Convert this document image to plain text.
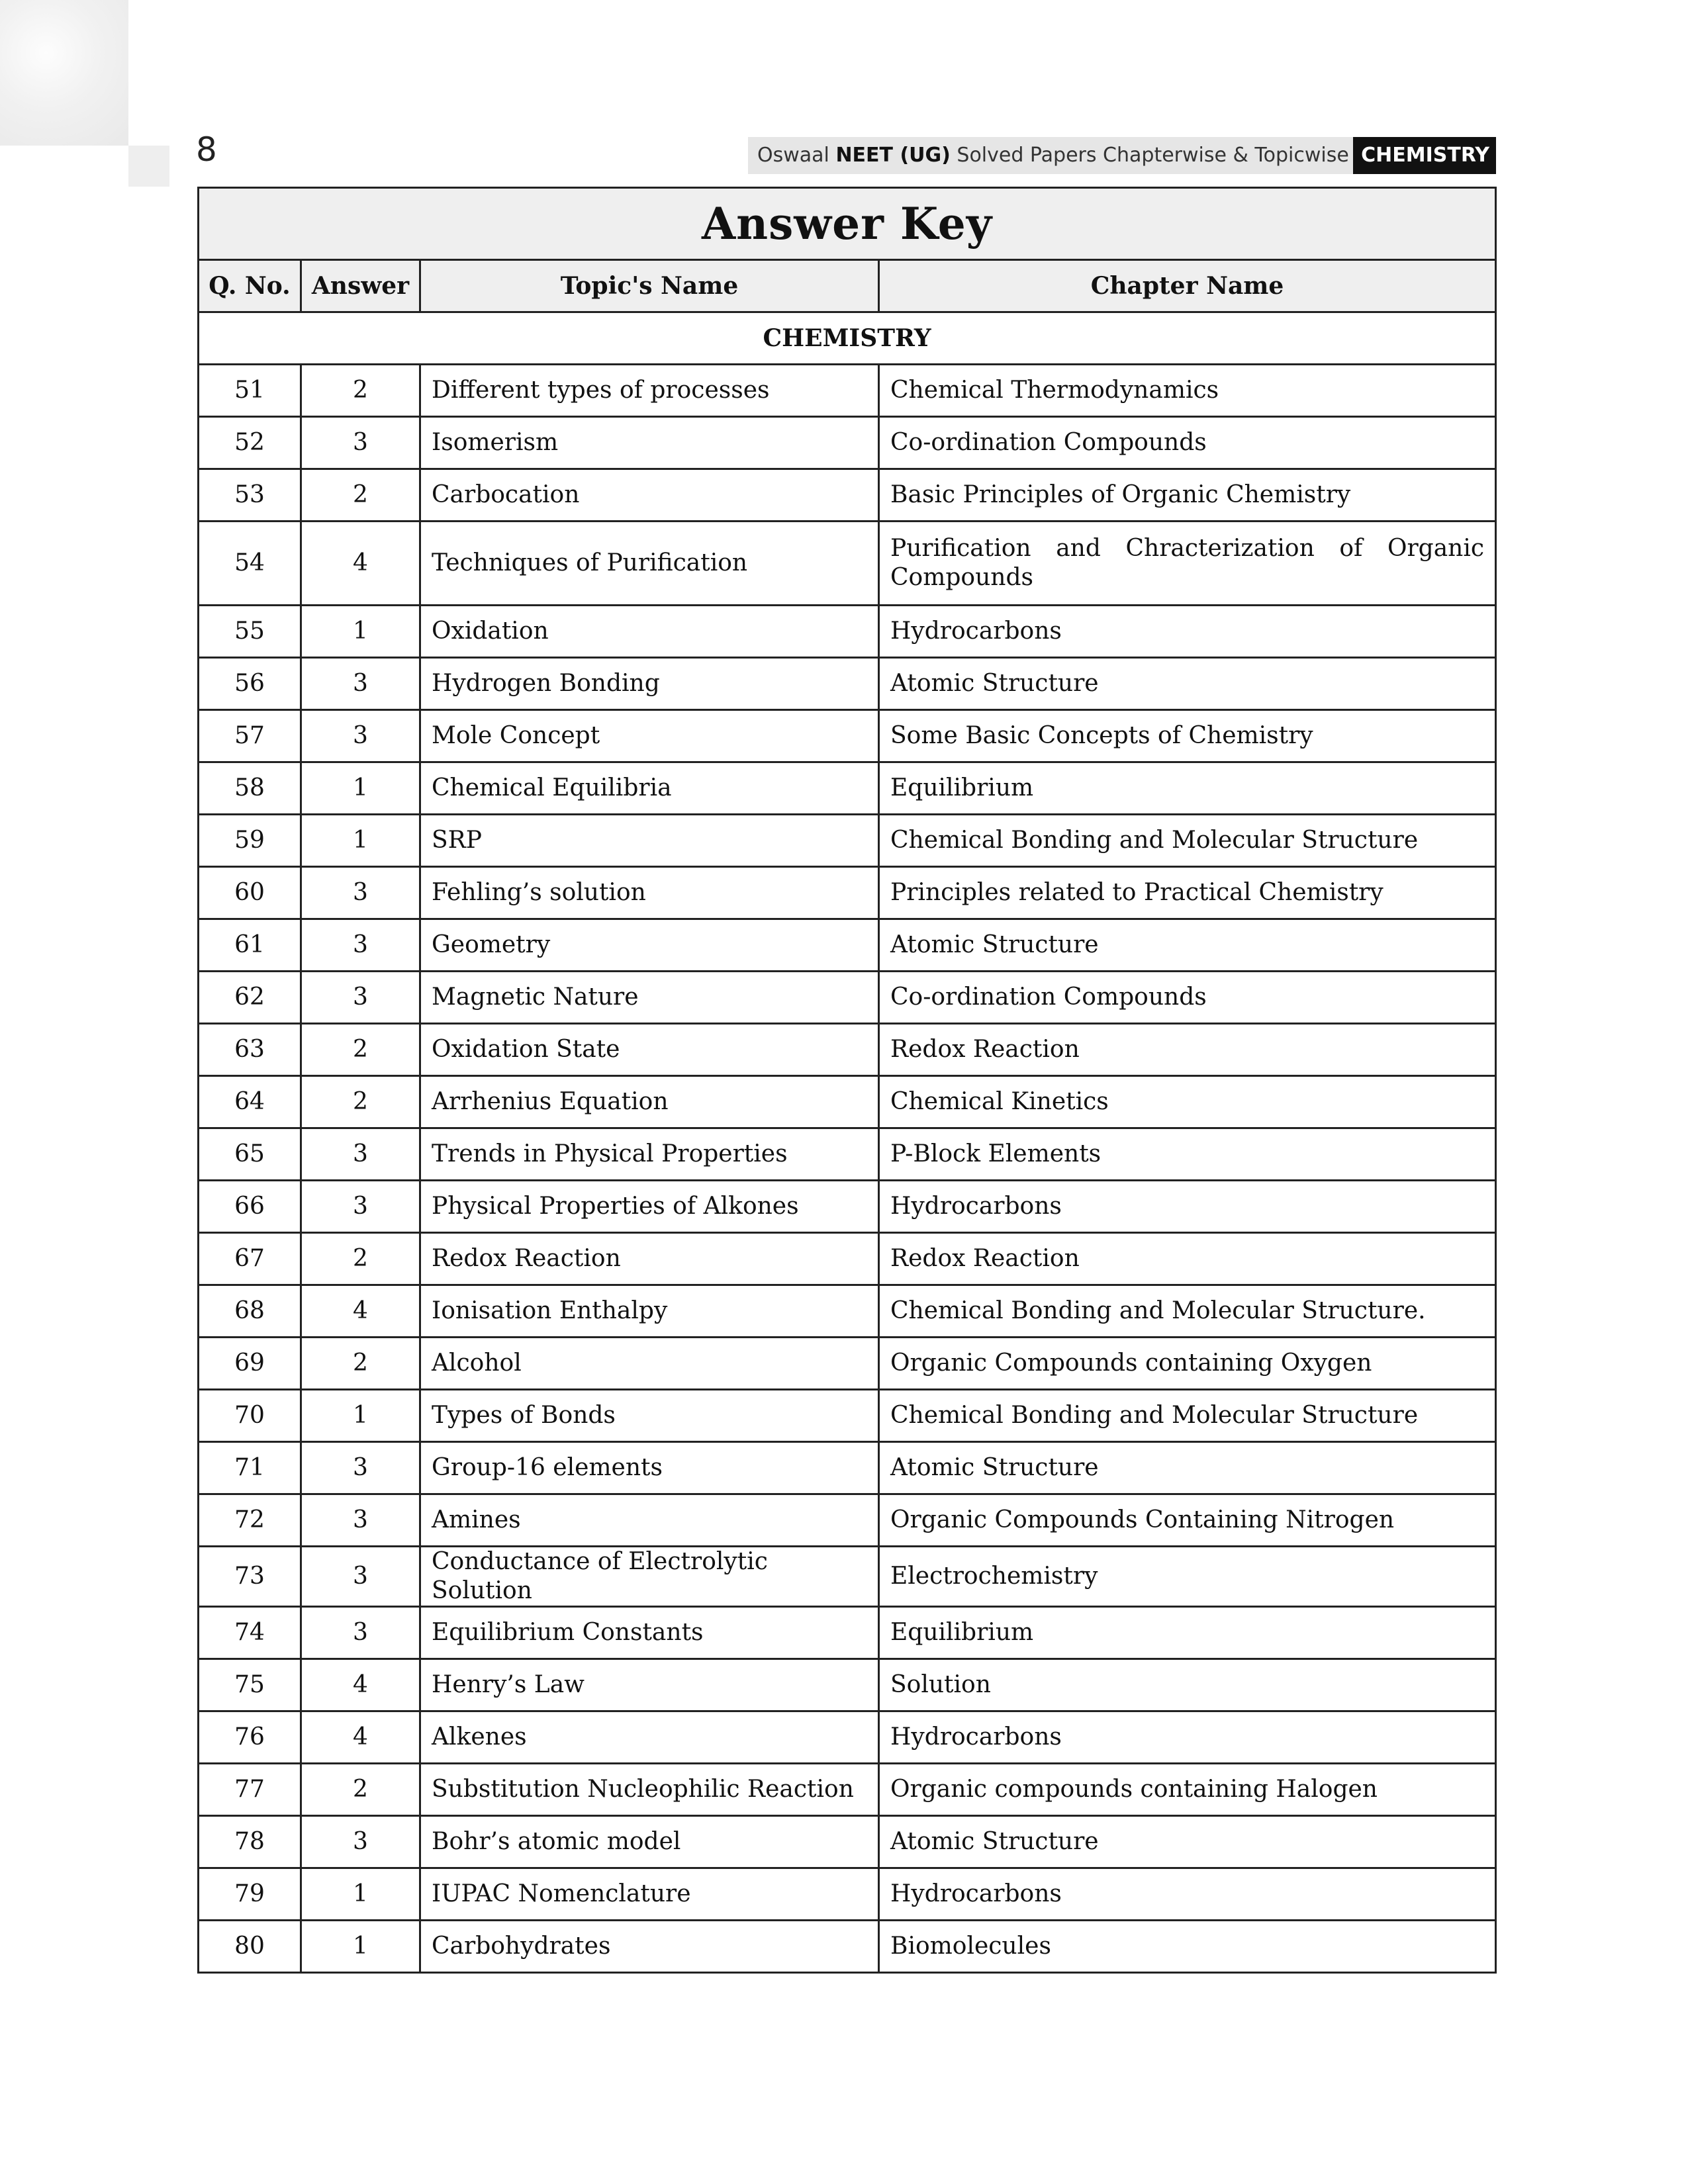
8	Oswaal NEET (UG) Solved Papers Chapterwise & Topicwise CHEMISTRY
Answer Key			
Q. No.	Answer	Topic's Name	Chapter Name
CHEMISTRY			
51	2	Different types of processes	Chemical Thermodynamics
52	3	Isomerism	Co-ordination Compounds
53	2	Carbocation	Basic Principles of Organic Chemistry
54	4	Techniques of Purification	Purification and Chracterization of Organic Compounds
55	1	Oxidation	Hydrocarbons
56	3	Hydrogen Bonding	Atomic Structure
57	3	Mole Concept	Some Basic Concepts of Chemistry
58	1	Chemical Equilibria	Equilibrium
59	1	SRP	Chemical Bonding and Molecular Structure
60	3	Fehling’s solution	Principles related to Practical Chemistry
61	3	Geometry	Atomic Structure
62	3	Magnetic Nature	Co-ordination Compounds
63	2	Oxidation State	Redox Reaction
64	2	Arrhenius Equation	Chemical Kinetics
65	3	Trends in Physical Properties	P-Block Elements
66	3	Physical Properties of Alkones	Hydrocarbons
67	2	Redox Reaction	Redox Reaction
68	4	Ionisation Enthalpy	Chemical Bonding and Molecular Structure.
69	2	Alcohol	Organic Compounds containing Oxygen
70	1	Types of Bonds	Chemical Bonding and Molecular Structure
71	3	Group-16 elements	Atomic Structure
72	3	Amines	Organic Compounds Containing Nitrogen
73	3	Conductance of Electrolytic Solution	Electrochemistry
74	3	Equilibrium Constants	Equilibrium
75	4	Henry’s Law	Solution
76	4	Alkenes	Hydrocarbons
77	2	Substitution Nucleophilic Reaction	Organic compounds containing Halogen
78	3	Bohr’s atomic model	Atomic Structure
79	1	IUPAC Nomenclature	Hydrocarbons
80	1	Carbohydrates	Biomolecules
